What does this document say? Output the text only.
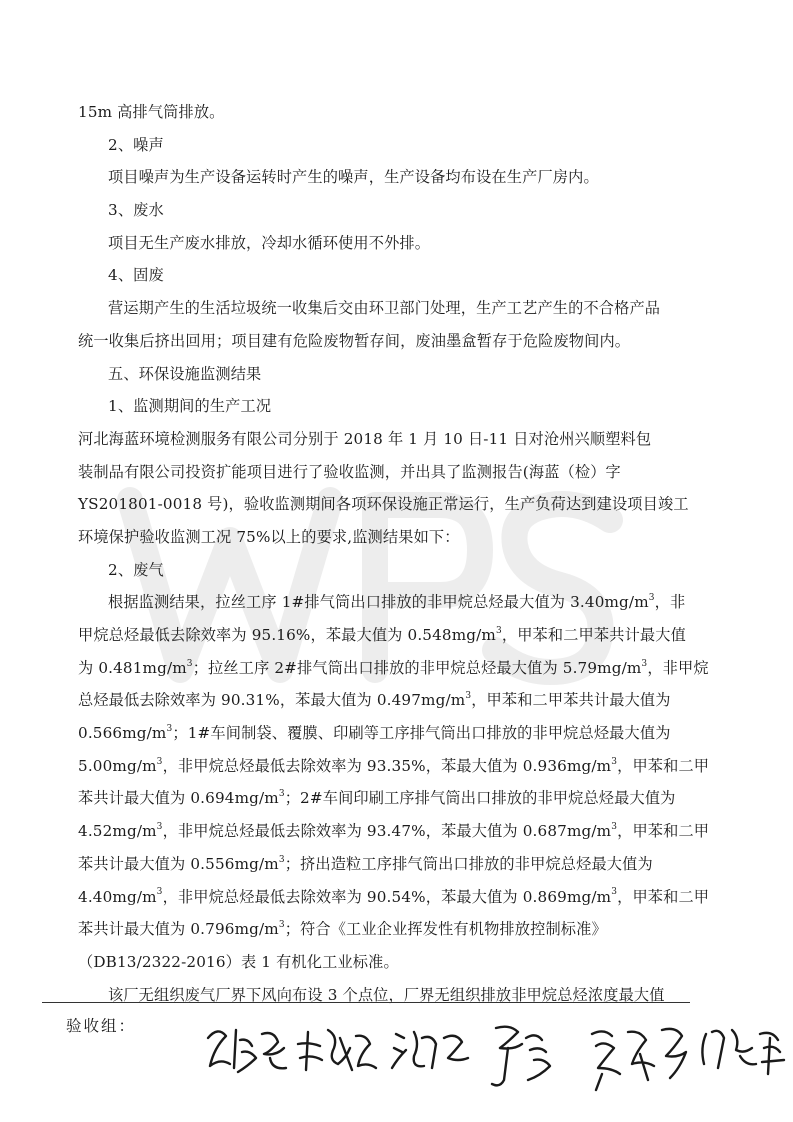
15m 高排气筒排放。
2、噪声
项目噪声为生产设备运转时产生的噪声，生产设备均布设在生产厂房内。
3、废水
项目无生产废水排放，冷却水循环使用不外排。
4、固废
营运期产生的生活垃圾统一收集后交由环卫部门处理，生产工艺产生的不合格产品
统一收集后挤出回用；项目建有危险废物暂存间，废油墨盒暂存于危险废物间内。
五、环保设施监测结果
1、监测期间的生产工况
河北海蓝环境检测服务有限公司分别于 2018 年 1 月 10 日-11 日对沧州兴顺塑料包
装制品有限公司投资扩能项目进行了验收监测，并出具了监测报告(海蓝（检）字
YS201801-0018 号)，验收监测期间各项环保设施正常运行，生产负荷达到建设项目竣工
环境保护验收监测工况 75%以上的要求,监测结果如下：
2、废气
根据监测结果，拉丝工序 1#排气筒出口排放的非甲烷总烃最大值为 $3.40mg/m^3$，非
甲烷总烃最低去除效率为 95.16%，苯最大值为 $0.548mg/m^3$，甲苯和二甲苯共计最大值
为 $0.481mg/m^3$；拉丝工序 2#排气筒出口排放的非甲烷总烃最大值为 $5.79mg/m^3$，非甲烷
总烃最低去除效率为 90.31%，苯最大值为 $0.497mg/m^3$，甲苯和二甲苯共计最大值为
$0.566mg/m^3$；1#车间制袋、覆膜、印刷等工序排气筒出口排放的非甲烷总烃最大值为
$5.00mg/m^3$，非甲烷总烃最低去除效率为 93.35%，苯最大值为 $0.936mg/m^3$，甲苯和二甲
苯共计最大值为 $0.694mg/m^3$；2#车间印刷工序排气筒出口排放的非甲烷总烃最大值为
$4.52mg/m^3$，非甲烷总烃最低去除效率为 93.47%，苯最大值为 $0.687mg/m^3$，甲苯和二甲
苯共计最大值为 $0.556mg/m^3$；挤出造粒工序排气筒出口排放的非甲烷总烃最大值为
$4.40mg/m^3$，非甲烷总烃最低去除效率为 90.54%，苯最大值为 $0.869mg/m^3$，甲苯和二甲
苯共计最大值为 $0.796mg/m^3$；符合《工业企业挥发性有机物排放控制标准》
（DB13/2322-2016）表 1 有机化工业标准。
该厂无组织废气厂界下风向布设 3 个点位，厂界无组织排放非甲烷总烃浓度最大值
验收组：
